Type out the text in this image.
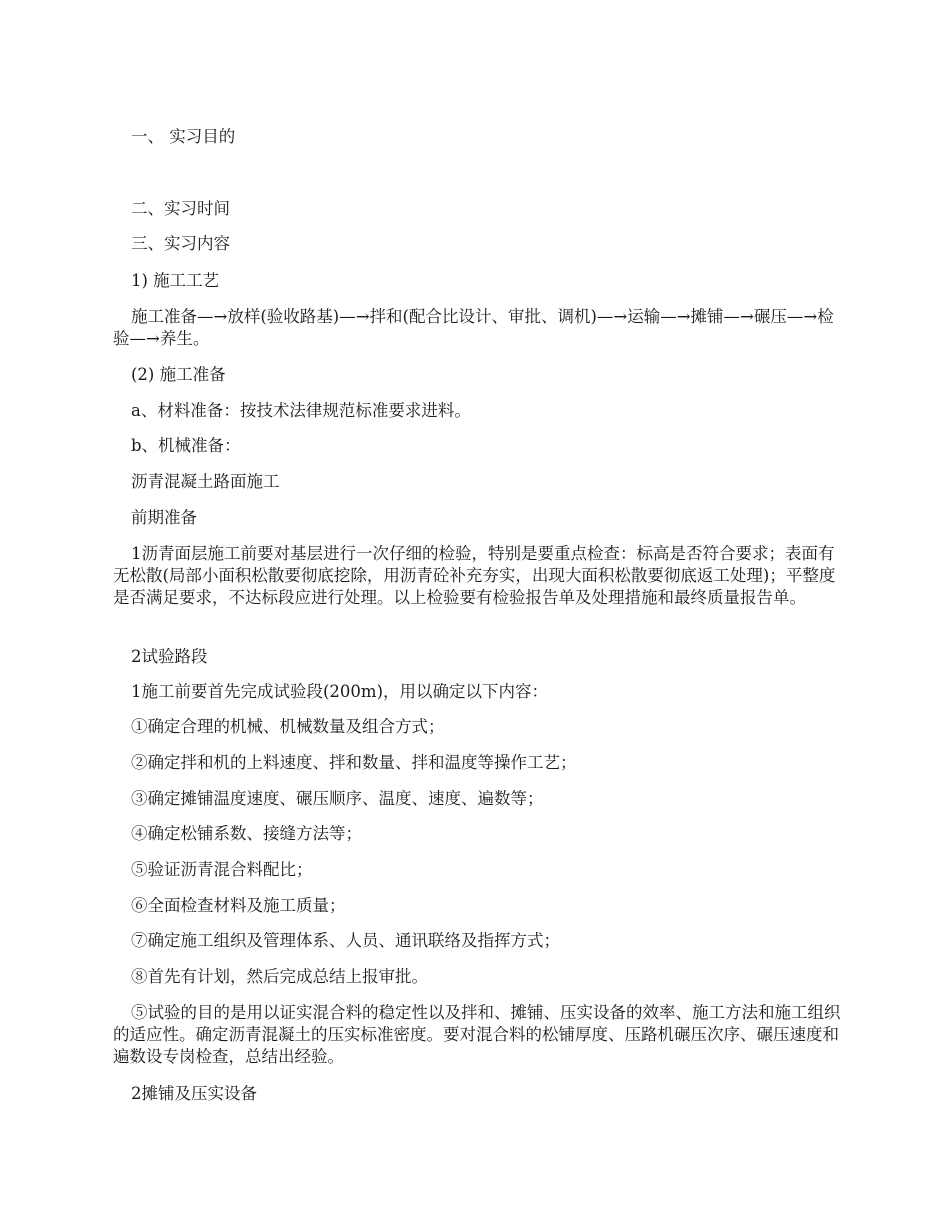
一、 实习目的

二、实习时间

三、实习内容

1) 施工工艺

施工准备—→放样(验收路基)—→拌和(配合比设计、审批、调机)—→运输—→摊铺—→碾压—→检验—→养生。

(2) 施工准备

a、材料准备：按技术法律规范标准要求进料。

b、机械准备：

沥青混凝土路面施工

前期准备

1沥青面层施工前要对基层进行一次仔细的检验，特别是要重点检查：标高是否符合要求；表面有无松散(局部小面积松散要彻底挖除，用沥青砼补充夯实，出现大面积松散要彻底返工处理)；平整度是否满足要求，不达标段应进行处理。以上检验要有检验报告单及处理措施和最终质量报告单。

2试验路段

1施工前要首先完成试验段(200m)，用以确定以下内容：

①确定合理的机械、机械数量及组合方式；

②确定拌和机的上料速度、拌和数量、拌和温度等操作工艺；

③确定摊铺温度速度、碾压顺序、温度、速度、遍数等；

④确定松铺系数、接缝方法等；

⑤验证沥青混合料配比；

⑥全面检查材料及施工质量；

⑦确定施工组织及管理体系、人员、通讯联络及指挥方式；

⑧首先有计划，然后完成总结上报审批。

⑤试验的目的是用以证实混合料的稳定性以及拌和、摊铺、压实设备的效率、施工方法和施工组织的适应性。确定沥青混凝土的压实标准密度。要对混合料的松铺厚度、压路机碾压次序、碾压速度和遍数设专岗检查，总结出经验。

2摊铺及压实设备
